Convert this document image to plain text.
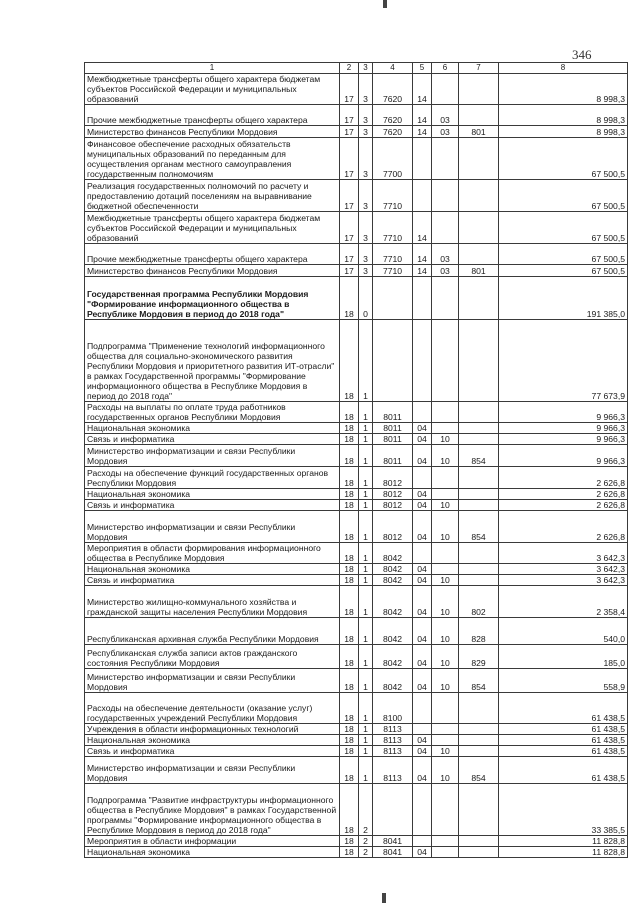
346
1	2	3	4	5	6	7	8
Межбюджетные трансферты общего характера бюджетам субъектов Российской Федерации и муниципальных образований	17	3	7620	14			8 998,3
Прочие межбюджетные трансферты общего характера	17	3	7620	14	03		8 998,3
Министерство финансов Республики Мордовия	17	3	7620	14	03	801	8 998,3
Финансовое обеспечение расходных обязательств муниципальных образований по переданным для осуществления органам местного самоуправления государственным полномочиям	17	3	7700				67 500,5
Реализация государственных полномочий по расчету и предоставлению дотаций поселениям на выравнивание бюджетной обеспеченности	17	3	7710				67 500,5
Межбюджетные трансферты общего характера бюджетам субъектов Российской Федерации и муниципальных образований	17	3	7710	14			67 500,5
Прочие межбюджетные трансферты общего характера	17	3	7710	14	03		67 500,5
Министерство финансов Республики Мордовия	17	3	7710	14	03	801	67 500,5
Государственная программа Республики Мордовия "Формирование информационного общества в Республике Мордовия в период до 2018 года"	18	0					191 385,0
Подпрограмма "Применение технологий информационного общества для социально-экономического развития Республики Мордовия и приоритетного развития ИТ-отрасли" в рамках Государственной программы "Формирование информационного общества в Республике Мордовия в период до 2018 года"	18	1					77 673,9
Расходы на выплаты по оплате труда работников государственных органов Республики Мордовия	18	1	8011				9 966,3
Национальная экономика	18	1	8011	04			9 966,3
Связь и информатика	18	1	8011	04	10		9 966,3
Министерство информатизации и связи Республики Мордовия	18	1	8011	04	10	854	9 966,3
Расходы на обеспечение функций государственных органов Республики Мордовия	18	1	8012				2 626,8
Национальная экономика	18	1	8012	04			2 626,8
Связь и информатика	18	1	8012	04	10		2 626,8
Министерство информатизации и связи Республики Мордовия	18	1	8012	04	10	854	2 626,8
Мероприятия в области формирования информационного общества в Республике Мордовия	18	1	8042				3 642,3
Национальная экономика	18	1	8042	04			3 642,3
Связь и информатика	18	1	8042	04	10		3 642,3
Министерство жилищно-коммунального хозяйства и гражданской защиты населения Республики Мордовия	18	1	8042	04	10	802	2 358,4
Республиканская архивная служба Республики Мордовия	18	1	8042	04	10	828	540,0
Республиканская служба записи актов гражданского состояния Республики Мордовия	18	1	8042	04	10	829	185,0
Министерство информатизации и связи Республики Мордовия	18	1	8042	04	10	854	558,9
Расходы на обеспечение деятельности (оказание услуг) государственных учреждений Республики Мордовия	18	1	8100				61 438,5
Учреждения в области информационных технологий	18	1	8113				61 438,5
Национальная экономика	18	1	8113	04			61 438,5
Связь и информатика	18	1	8113	04	10		61 438,5
Министерство информатизации и связи Республики Мордовия	18	1	8113	04	10	854	61 438,5
Подпрограмма "Развитие инфраструктуры информационного общества в Республике Мордовия" в рамках Государственной программы "Формирование информационного общества в Республике Мордовия в период до 2018 года"	18	2					33 385,5
Мероприятия в области информации	18	2	8041				11 828,8
Национальная экономика	18	2	8041	04			11 828,8
